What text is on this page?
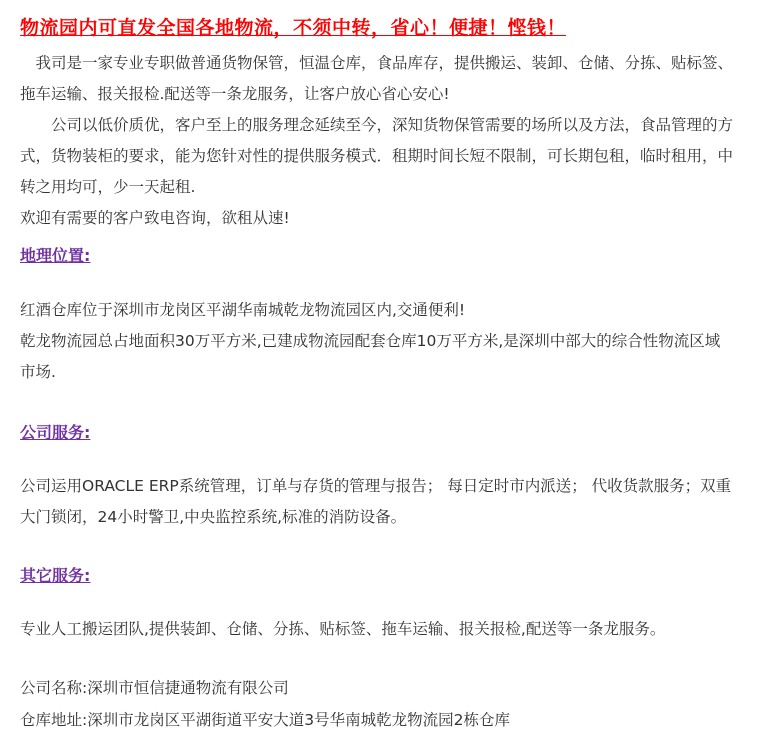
物流园内可直发全国各地物流，不须中转，省心！便捷！悭钱！

我司是一家专业专职做普通货物保管，恒温仓库，食品库存，提供搬运、装卸、仓储、分拣、贴标签、拖车运输、报关报检.配送等一条龙服务，让客户放心省心安心!

公司以低价质优，客户至上的服务理念延续至今，深知货物保管需要的场所以及方法，食品管理的方式，货物装柜的要求，能为您针对性的提供服务模式．租期时间长短不限制，可长期包租，临时租用，中转之用均可，少一天起租.

欢迎有需要的客户致电咨询，欲租从速!

地理位置:

红酒仓库位于深圳市龙岗区平湖华南城乾龙物流园区内,交通便利!

乾龙物流园总占地面积30万平方米,已建成物流园配套仓库10万平方米,是深圳中部大的综合性物流区域市场.

公司服务:

公司运用ORACLE ERP系统管理，订单与存货的管理与报告； 每日定时市内派送； 代收货款服务；双重大门锁闭，24小时警卫,中央监控系统,标准的消防设备。

其它服务:

专业人工搬运团队,提供装卸、仓储、分拣、贴标签、拖车运输、报关报检,配送等一条龙服务。

公司名称:深圳市恒信捷通物流有限公司

仓库地址:深圳市龙岗区平湖街道平安大道3号华南城乾龙物流园2栋仓库
